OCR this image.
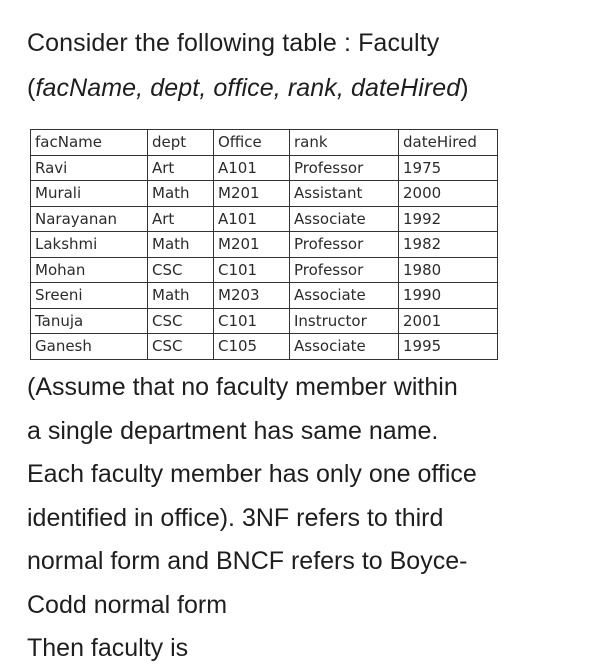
Consider the following table : Faculty
(facName, dept, office, rank, dateHired)
facName	dept	Office	rank	dateHired
Ravi	Art	A101	Professor	1975
Murali	Math	M201	Assistant	2000
Narayanan	Art	A101	Associate	1992
Lakshmi	Math	M201	Professor	1982
Mohan	CSC	C101	Professor	1980
Sreeni	Math	M203	Associate	1990
Tanuja	CSC	C101	Instructor	2001
Ganesh	CSC	C105	Associate	1995
(Assume that no faculty member within
a single department has same name.
Each faculty member has only one office
identified in office). 3NF refers to third
normal form and BNCF refers to Boyce-
Codd normal form
Then faculty is
